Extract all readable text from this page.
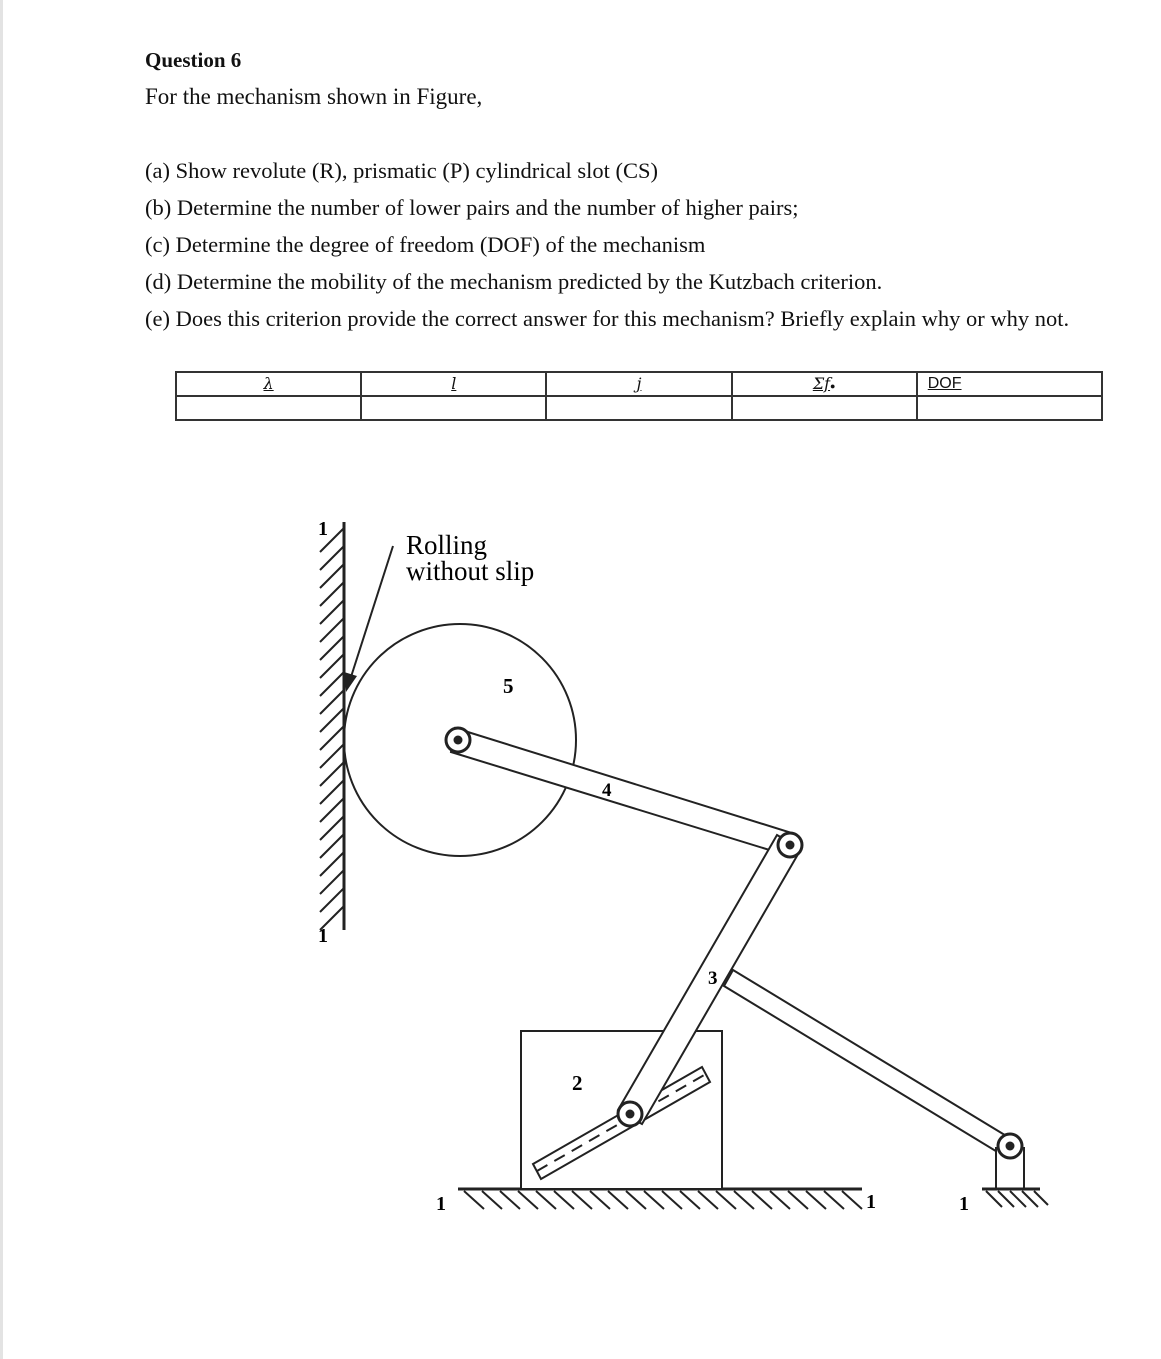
Question 6
For the mechanism shown in Figure,
(a) Show revolute (R), prismatic (P) cylindrical slot (CS)
(b) Determine the number of lower pairs and the number of higher pairs;
(c) Determine the degree of freedom (DOF) of the mechanism
(d) Determine the mobility of the mechanism predicted by the Kutzbach criterion.
(e) Does this criterion provide the correct answer for this mechanism? Briefly explain why or why not.
λ	l	j	Σf●	DOF

Rolling
without slip
1
1
5
4
3
2
1	1	1
